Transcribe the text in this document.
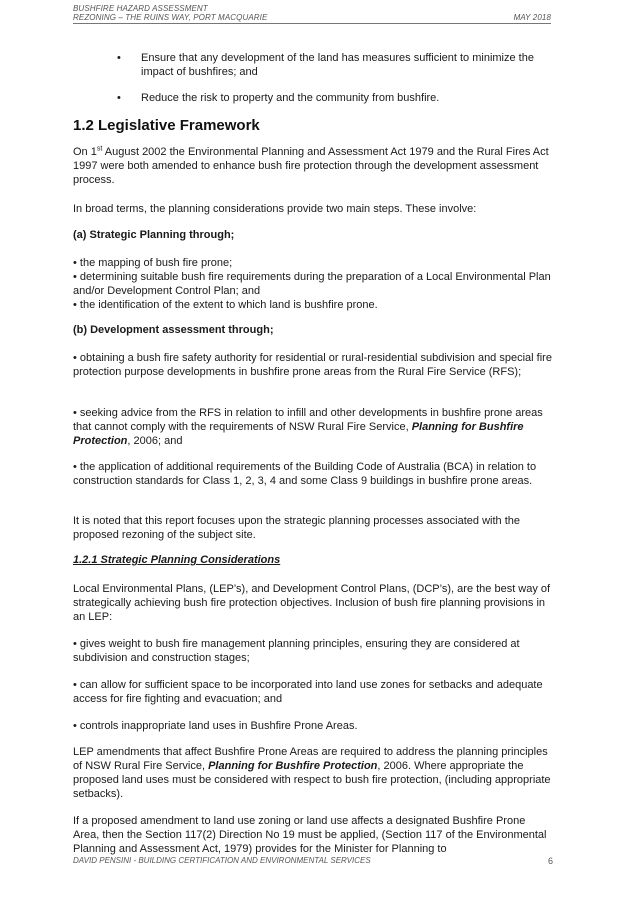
BUSHFIRE HAZARD ASSESSMENT
REZONING – THE RUINS WAY, PORT MACQUARIE	MAY 2018
• Ensure that any development of the land has measures sufficient to minimize the impact of bushfires; and
• Reduce the risk to property and the community from bushfire.
1.2 Legislative Framework
On 1st August 2002 the Environmental Planning and Assessment Act 1979 and the Rural Fires Act 1997 were both amended to enhance bush fire protection through the development assessment process.
In broad terms, the planning considerations provide two main steps. These involve:
(a) Strategic Planning through;
• the mapping of bush fire prone;
• determining suitable bush fire requirements during the preparation of a Local Environmental Plan and/or Development Control Plan; and
• the identification of the extent to which land is bushfire prone.
(b) Development assessment through;
• obtaining a bush fire safety authority for residential or rural-residential subdivision and special fire protection purpose developments in bushfire prone areas from the Rural Fire Service (RFS);
• seeking advice from the RFS in relation to infill and other developments in bushfire prone areas that cannot comply with the requirements of NSW Rural Fire Service, Planning for Bushfire Protection, 2006; and
• the application of additional requirements of the Building Code of Australia (BCA) in relation to construction standards for Class 1, 2, 3, 4 and some Class 9 buildings in bushfire prone areas.
It is noted that this report focuses upon the strategic planning processes associated with the proposed rezoning of the subject site.
1.2.1 Strategic Planning Considerations
Local Environmental Plans, (LEP’s), and Development Control Plans, (DCP’s), are the best way of strategically achieving bush fire protection objectives. Inclusion of bush fire planning provisions in an LEP:
• gives weight to bush fire management planning principles, ensuring they are considered at subdivision and construction stages;
• can allow for sufficient space to be incorporated into land use zones for setbacks and adequate access for fire fighting and evacuation; and
• controls inappropriate land uses in Bushfire Prone Areas.
LEP amendments that affect Bushfire Prone Areas are required to address the planning principles of NSW Rural Fire Service, Planning for Bushfire Protection, 2006. Where appropriate the proposed land uses must be considered with respect to bush fire protection, (including appropriate setbacks).
If a proposed amendment to land use zoning or land use affects a designated Bushfire Prone Area, then the Section 117(2) Direction No 19 must be applied, (Section 117 of the Environmental Planning and Assessment Act, 1979) provides for the Minister for Planning to
DAVID PENSINI - BUILDING CERTIFICATION AND ENVIRONMENTAL SERVICES	6
